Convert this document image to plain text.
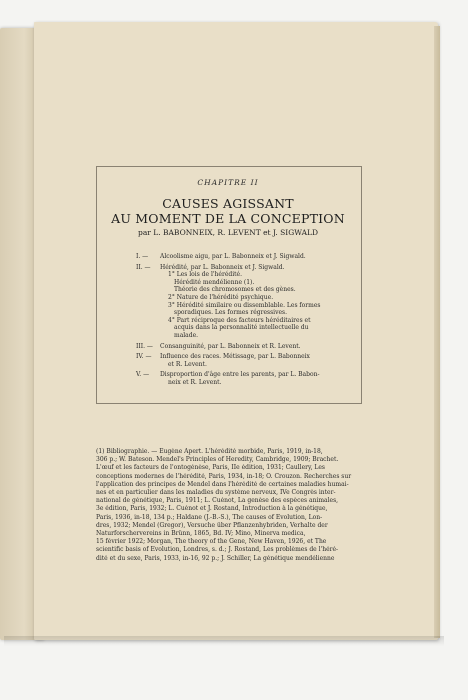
CHAPITRE II
CAUSES AGISSANT
AU MOMENT DE LA CONCEPTION
par L. BABONNEIX, R. LEVENT et J. SIGWALD
I. — Alcoolisme aigu, par L. Babonneix et J. Sigwald.
II. — Hérédité, par L. Babonneix et J. Sigwald.
1° Les lois de l'hérédité.
Hérédité mendélienne (1).
Théorie des chromosomes et des gènes.
2° Nature de l'hérédité psychique.
3° Hérédité similaire ou dissemblable. Les formes
sporadiques. Les formes régressives.
4° Part réciproque des facteurs héréditaires et
acquis dans la personnalité intellectuelle du
malade.
III. — Consanguinité, par L. Babonneix et R. Levent.
IV. — Influence des races. Métissage, par L. Babonneix
et R. Levent.
V. — Disproportion d'âge entre les parents, par L. Babon-
neix et R. Levent.
(1) Bibliographie. — Eugène Apert. L'hérédité morbide, Paris, 1919, in-18,
306 p.; W. Bateson. Mendel's Principles of Heredity, Cambridge, 1909; Brachet.
L'œuf et les facteurs de l'ontogénèse, Paris, IIe édition, 1931; Caullery, Les
conceptions modernes de l'hérédité, Paris, 1934, in-18; O. Crouzon. Recherches sur
l'application des principes de Mendel dans l'hérédité de certaines maladies humai-
nes et en particulier dans les maladies du système nerveux, IVe Congrès inter-
national de génétique, Paris, 1911; L. Cuénot, La genèse des espèces animales,
3e édition, Paris, 1932; L. Cuénot et J. Rostand, Introduction à la génétique,
Paris, 1936, in-18, 134 p.; Haldane (J.-B.-S.), The causes of Evolution, Lon-
dres, 1932; Mendel (Gregor), Versuche über Pflanzenhybriden, Verhalte der
Naturforschervereins in Brünn, 1865, Bd. IV; Mino, Minerva medica,
15 février 1922; Morgan, The theory of the Gene, New Haven, 1926, et The
scientific basis of Evolution, Londres, s. d.; J. Rostand, Les problèmes de l'héré-
dité et du sexe, Paris, 1933, in-16, 92 p.; J. Schiller, La génétique mendélienne
